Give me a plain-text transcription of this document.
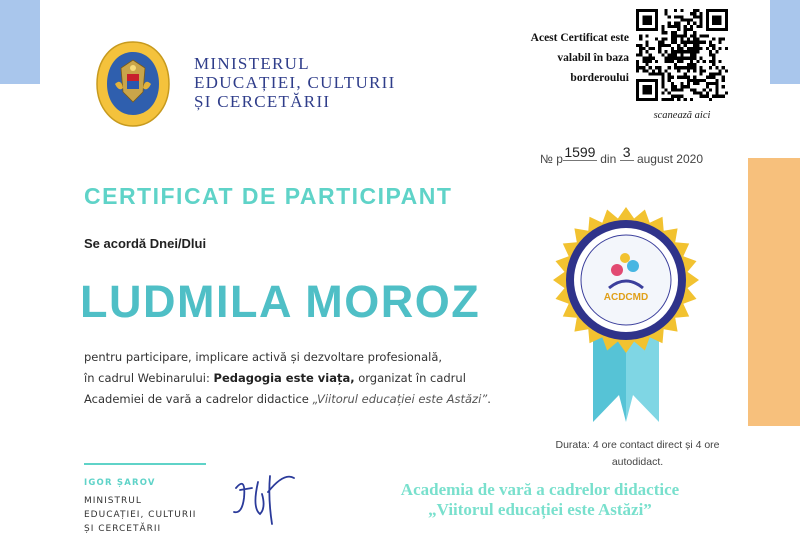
MINISTERUL
EDUCAȚIEI, CULTURII
ȘI CERCETĂRII
Acest Certificat este
valabil în baza
borderoului
scanează aici
№ p1599 din 3 august 2020
CERTIFICAT DE PARTICIPANT
Se acordă Dnei/Dlui
LUDMILA MOROZ
pentru participare, implicare activă și dezvoltare profesională,
în cadrul Webinarului: Pedagogia este viața, organizat în cadrul
Academiei de vară a cadrelor didactice „Viitorul educației este Astăzi”.
ACDCMD
Durata: 4 ore contact direct și 4 ore autodidact.
IGOR ȘAROV
MINISTRUL
EDUCAȚIEI, CULTURII
ȘI CERCETĂRII
Academia de vară a cadrelor didactice
„Viitorul educației este Astăzi”
